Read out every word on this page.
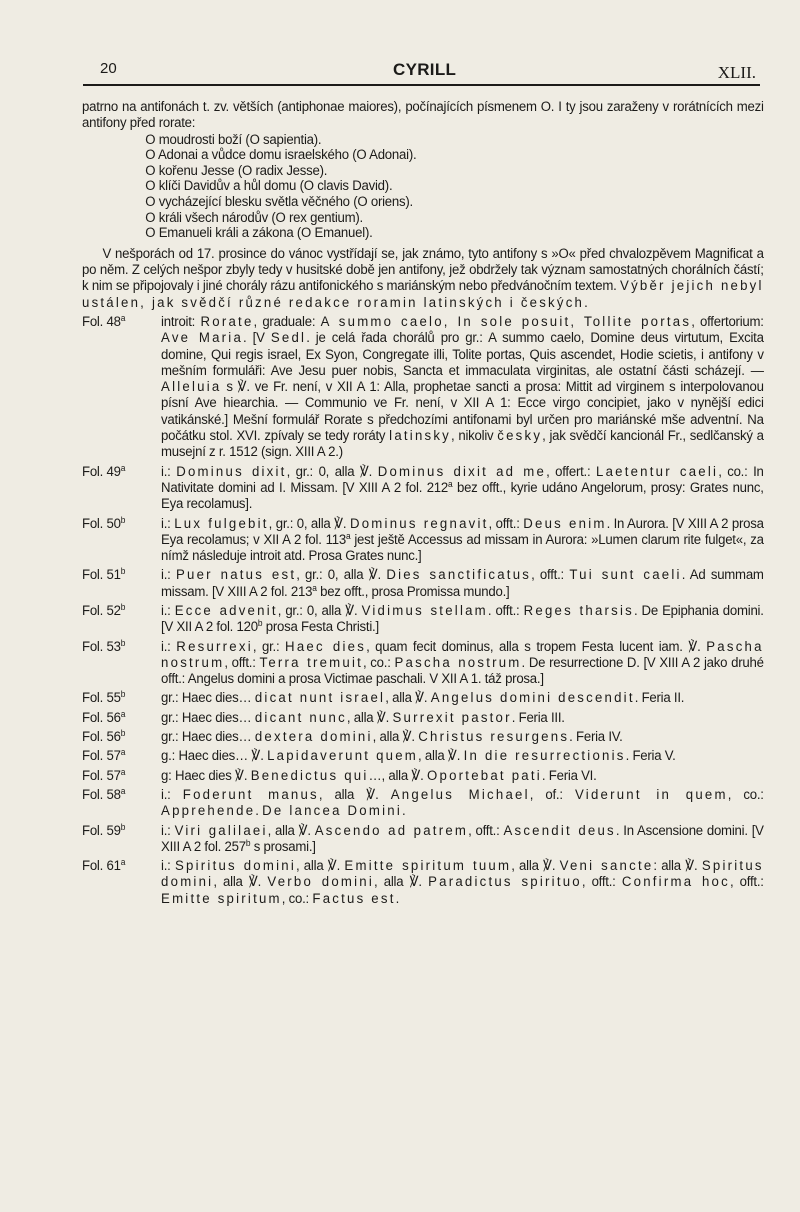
20	CYRILL	XLII.

patrno na antifonách t. zv. větších (antiphonae maiores), počínajících písmenem O. I ty jsou zaraženy v rorátnících mezi antifony před rorate:

O moudrosti boží (O sapientia).
O Adonai a vůdce domu israelského (O Adonai).
O kořenu Jesse (O radix Jesse).
O klíči Davidův a hůl domu (O clavis David).
O vycházející blesku světla věčného (O oriens).
O králi všech národův (O rex gentium).
O Emanueli králi a zákona (O Emanuel).

V nešporách od 17. prosince do vánoc vystřídají se, jak známo, tyto antifony s »O« před chvalozpěvem Magnificat a po něm. Z celých nešpor zbyly tedy v husitské době jen antifony, jež obdržely tak význam samostatných chorálních částí; k nim se připojovaly i jiné chorály rázu antifonického s mariánským nebo předvánočním textem. Výběr jejich nebyl ustálen, jak svědčí různé redakce roramin latinských i českých.

Fol. 48$^a$	introit: Rorate, graduale: A summo caelo, In sole posuit, Tollite portas, offertorium: Ave Maria. [V Sedl. je celá řada chorálů pro gr.: A summo caelo, Domine deus virtutum, Excita domine, Qui regis israel, Ex Syon, Congregate illi, Tolite portas, Quis ascendet, Hodie scietis, i antifony v mešním formuláři: Ave Jesu puer nobis, Sancta et immaculata virginitas, ale ostatní části scházejí. — Alleluia s ℣. ve Fr. není, v XII A 1: Alla, prophetae sancti a prosa: Mittit ad virginem s interpolovanou písní Ave hiearchia. — Communio ve Fr. není, v XII A 1: Ecce virgo concipiet, jako v nynější edici vatikánské.] Mešní formulář Rorate s předchozími antifonami byl určen pro mariánské mše adventní. Na počátku stol. XVI. zpívaly se tedy roráty latinsky, nikoliv česky, jak svědčí kancionál Fr., sedlčanský a musejní z r. 1512 (sign. XIII A 2.)
Fol. 49$^a$	i.: Dominus dixit, gr.: 0, alla ℣. Dominus dixit ad me, offert.: Laetentur caeli, co.: In Nativitate domini ad I. Missam. [V XIII A 2 fol. 212$^a$ bez offt., kyrie udáno Angelorum, prosy: Grates nunc, Eya recolamus].
Fol. 50$^b$	i.: Lux fulgebit, gr.: 0, alla ℣. Dominus regnavit, offt.: Deus enim. In Aurora. [V XIII A 2 prosa Eya recolamus; v XII A 2 fol. 113$^a$ jest ještě Accessus ad missam in Aurora: »Lumen clarum rite fulget«, za nímž následuje introit atd. Prosa Grates nunc.]
Fol. 51$^b$	i.: Puer natus est, gr.: 0, alla ℣. Dies sanctificatus, offt.: Tui sunt caeli. Ad summam missam. [V XIII A 2 fol. 213$^a$ bez offt., prosa Promissa mundo.]
Fol. 52$^b$	i.: Ecce advenit, gr.: 0, alla ℣. Vidimus stellam. offt.: Reges tharsis. De Epiphania domini. [V XII A 2 fol. 120$^b$ prosa Festa Christi.]
Fol. 53$^b$	i.: Resurrexi, gr.: Haec dies, quam fecit dominus, alla s tropem Festa lucent iam. ℣. Pascha nostrum, offt.: Terra tremuit, co.: Pascha nostrum. De resurrectione D. [V XIII A 2 jako druhé offt.: Angelus domini a prosa Victimae paschali. V XII A 1. táž prosa.]
Fol. 55$^b$	gr.: Haec dies… dicat nunt israel, alla ℣. Angelus domini descendit. Feria II.
Fol. 56$^a$	gr.: Haec dies… dicant nunc, alla ℣. Surrexit pastor. Feria III.
Fol. 56$^b$	gr.: Haec dies… dextera domini, alla ℣. Christus resurgens. Feria IV.
Fol. 57$^a$	g.: Haec dies… ℣. Lapidaverunt quem, alla ℣. In die resurrectionis. Feria V.
Fol. 57$^a$	g: Haec dies ℣. Benedictus qui…, alla ℣. Oportebat pati. Feria VI.
Fol. 58$^a$	i.: Foderunt manus, alla ℣. Angelus Michael, of.: Viderunt in quem, co.: Apprehende. De lancea Domini.
Fol. 59$^b$	i.: Viri galilaei, alla ℣. Ascendo ad patrem, offt.: Ascendit deus. In Ascensione domini. [V XIII A 2 fol. 257$^b$ s prosami.]
Fol. 61$^a$	i.: Spiritus domini, alla ℣. Emitte spiritum tuum, alla ℣. Veni sancte: alla ℣. Spiritus domini, alla ℣. Verbo domini, alla ℣. Paradictus spirituo, offt.: Confirma hoc, offt.: Emitte spiritum, co.: Factus est.
